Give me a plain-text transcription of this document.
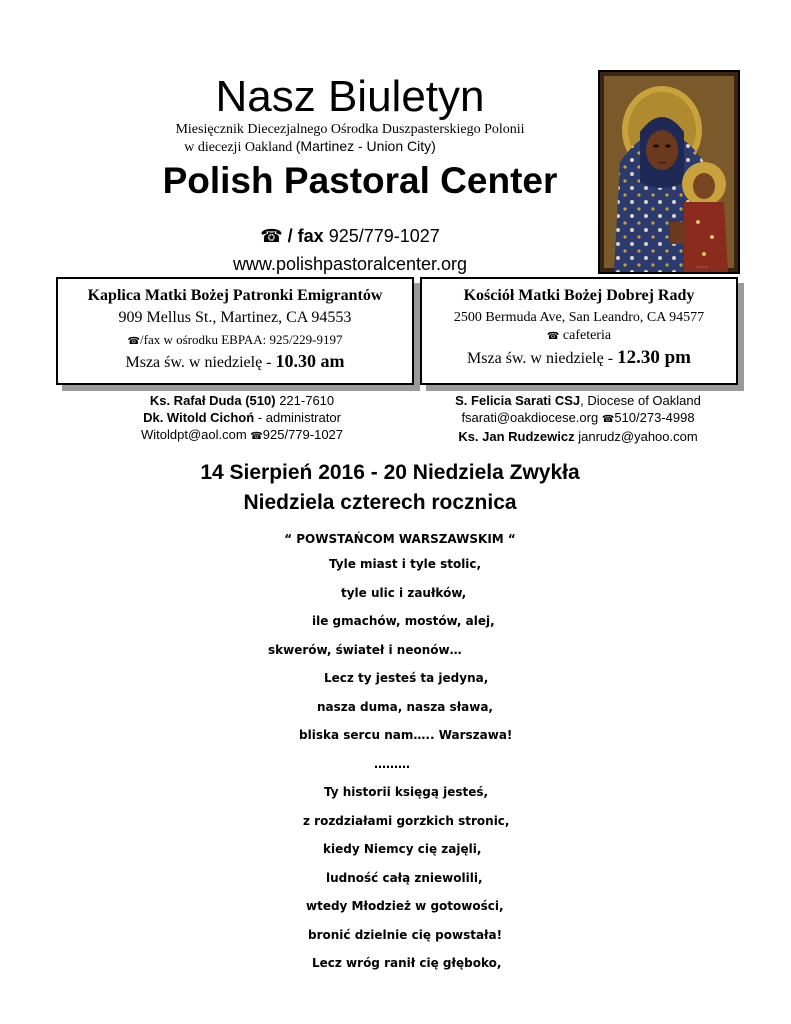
Nasz Biuletyn
Miesięcznik Diecezjalnego Ośrodka Duszpasterskiego Polonii
w diecezji Oakland (Martinez - Union City)
Polish Pastoral Center
☎ / fax 925/779-1027
www.polishpastoralcenter.org	~~~
Kaplica Matki Bożej Patronki Emigrantów
909 Mellus St., Martinez, CA 94553
☎/fax w ośrodku EBPAA: 925/229-9197
Msza św. w niedzielę - 10.30 am
Kościół Matki Bożej Dobrej Rady
2500 Bermuda Ave, San Leandro, CA 94577
☎ cafeteria
Msza św. w niedzielę - 12.30 pm
Ks. Rafał Duda (510) 221-7610
Dk. Witold Cichoń - administrator
Witoldpt@aol.com ☎925/779-1027
S. Felicia Sarati CSJ, Diocese of Oakland
fsarati@oakdiocese.org ☎510/273-4998
Ks. Jan Rudzewicz janrudz@yahoo.com
14 Sierpień 2016 - 20 Niedziela Zwykła
Niedziela czterech rocznica
“ POWSTAŃCOM WARSZAWSKIM “
Tyle miast i tyle stolic,
tyle ulic i zaułków,
ile gmachów, mostów, alej,
skwerów, świateł i neonów…
Lecz ty jesteś ta jedyna,
nasza duma, nasza sława,
bliska sercu nam….. Warszawa!
………
Ty historii księgą jesteś,
z rozdziałami gorzkich stronic,
kiedy Niemcy cię zajęli,
ludność całą zniewolili,
wtedy Młodzież w gotowości,
bronić dzielnie cię powstała!
Lecz wróg ranił cię głęboko,
